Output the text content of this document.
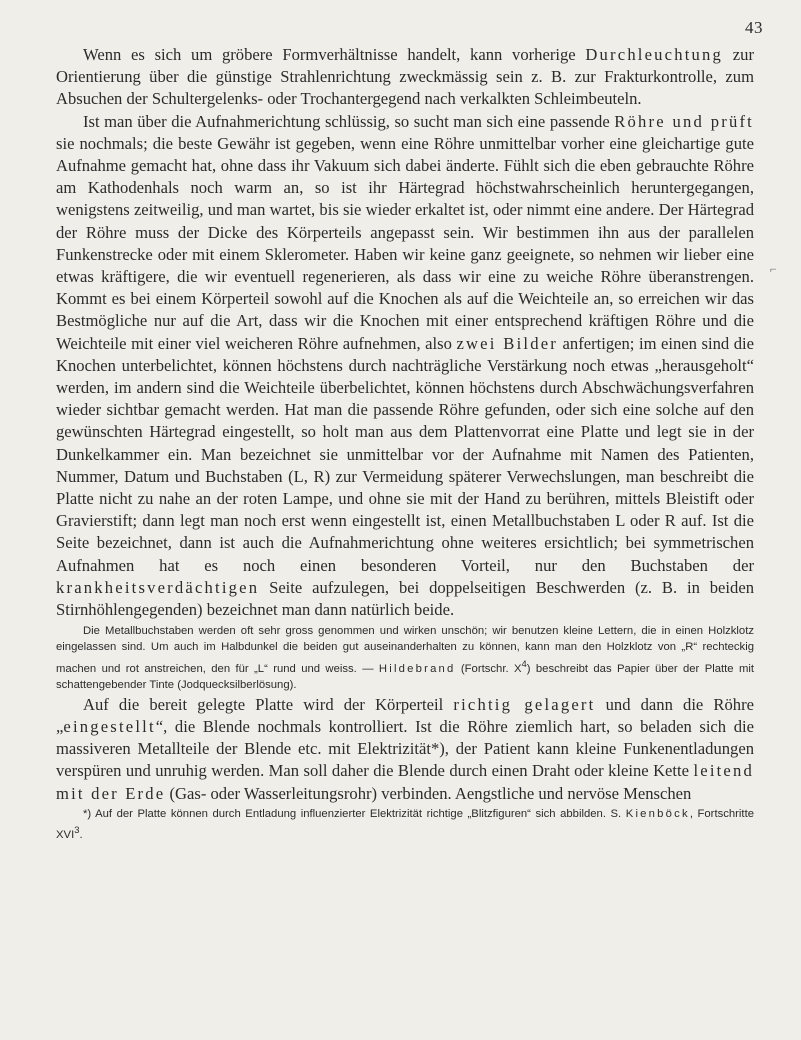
43
⌐

Wenn es sich um gröbere Formverhältnisse handelt, kann vorherige Durchleuchtung zur Orientierung über die günstige Strahlenrichtung zweckmässig sein z. B. zur Frakturkontrolle, zum Absuchen der Schultergelenks- oder Trochantergegend nach verkalkten Schleimbeuteln.

Ist man über die Aufnahmerichtung schlüssig, so sucht man sich eine passende Röhre und prüft sie nochmals; die beste Gewähr ist gegeben, wenn eine Röhre unmittelbar vorher eine gleichartige gute Aufnahme gemacht hat, ohne dass ihr Vakuum sich dabei änderte. Fühlt sich die eben gebrauchte Röhre am Kathodenhals noch warm an, so ist ihr Härtegrad höchstwahrscheinlich heruntergegangen, wenigstens zeitweilig, und man wartet, bis sie wieder erkaltet ist, oder nimmt eine andere. Der Härtegrad der Röhre muss der Dicke des Körperteils angepasst sein. Wir bestimmen ihn aus der parallelen Funkenstrecke oder mit einem Sklerometer. Haben wir keine ganz geeignete, so nehmen wir lieber eine etwas kräftigere, die wir eventuell regenerieren, als dass wir eine zu weiche Röhre überanstrengen. Kommt es bei einem Körperteil sowohl auf die Knochen als auf die Weichteile an, so erreichen wir das Bestmögliche nur auf die Art, dass wir die Knochen mit einer entsprechend kräftigen Röhre und die Weichteile mit einer viel weicheren Röhre aufnehmen, also zwei Bilder anfertigen; im einen sind die Knochen unterbelichtet, können höchstens durch nachträgliche Verstärkung noch etwas „herausgeholt“ werden, im andern sind die Weichteile überbelichtet, können höchstens durch Abschwächungsverfahren wieder sichtbar gemacht werden. Hat man die passende Röhre gefunden, oder sich eine solche auf den gewünschten Härtegrad eingestellt, so holt man aus dem Plattenvorrat eine Platte und legt sie in der Dunkelkammer ein. Man bezeichnet sie unmittelbar vor der Aufnahme mit Namen des Patienten, Nummer, Datum und Buchstaben (L, R) zur Vermeidung späterer Verwechslungen, man beschreibt die Platte nicht zu nahe an der roten Lampe, und ohne sie mit der Hand zu berühren, mittels Bleistift oder Gravierstift; dann legt man noch erst wenn eingestellt ist, einen Metallbuchstaben L oder R auf. Ist die Seite bezeichnet, dann ist auch die Aufnahmerichtung ohne weiteres ersichtlich; bei symmetrischen Aufnahmen hat es noch einen besonderen Vorteil, nur den Buchstaben der krankheitsverdächtigen Seite aufzulegen, bei doppelseitigen Beschwerden (z. B. in beiden Stirnhöhlengegenden) bezeichnet man dann natürlich beide.

Die Metallbuchstaben werden oft sehr gross genommen und wirken unschön; wir benutzen kleine Lettern, die in einen Holzklotz eingelassen sind. Um auch im Halbdunkel die beiden gut auseinanderhalten zu können, kann man den Holzklotz von „R“ rechteckig machen und rot anstreichen, den für „L“ rund und weiss. — Hildebrand (Fortschr. $X^4$) beschreibt das Papier über der Platte mit schattengebender Tinte (Jodquecksilberlösung).

Auf die bereit gelegte Platte wird der Körperteil richtig gelagert und dann die Röhre „eingestellt“, die Blende nochmals kontrolliert. Ist die Röhre ziemlich hart, so beladen sich die massiveren Metallteile der Blende etc. mit Elektrizität*), der Patient kann kleine Funkenentladungen verspüren und unruhig werden. Man soll daher die Blende durch einen Draht oder kleine Kette leitend mit der Erde (Gas- oder Wasserleitungsrohr) verbinden. Aengstliche und nervöse Menschen

*) Auf der Platte können durch Entladung influenzierter Elektrizität richtige „Blitzfiguren“ sich abbilden. S. Kienböck, Fortschritte XVI$^3$.
